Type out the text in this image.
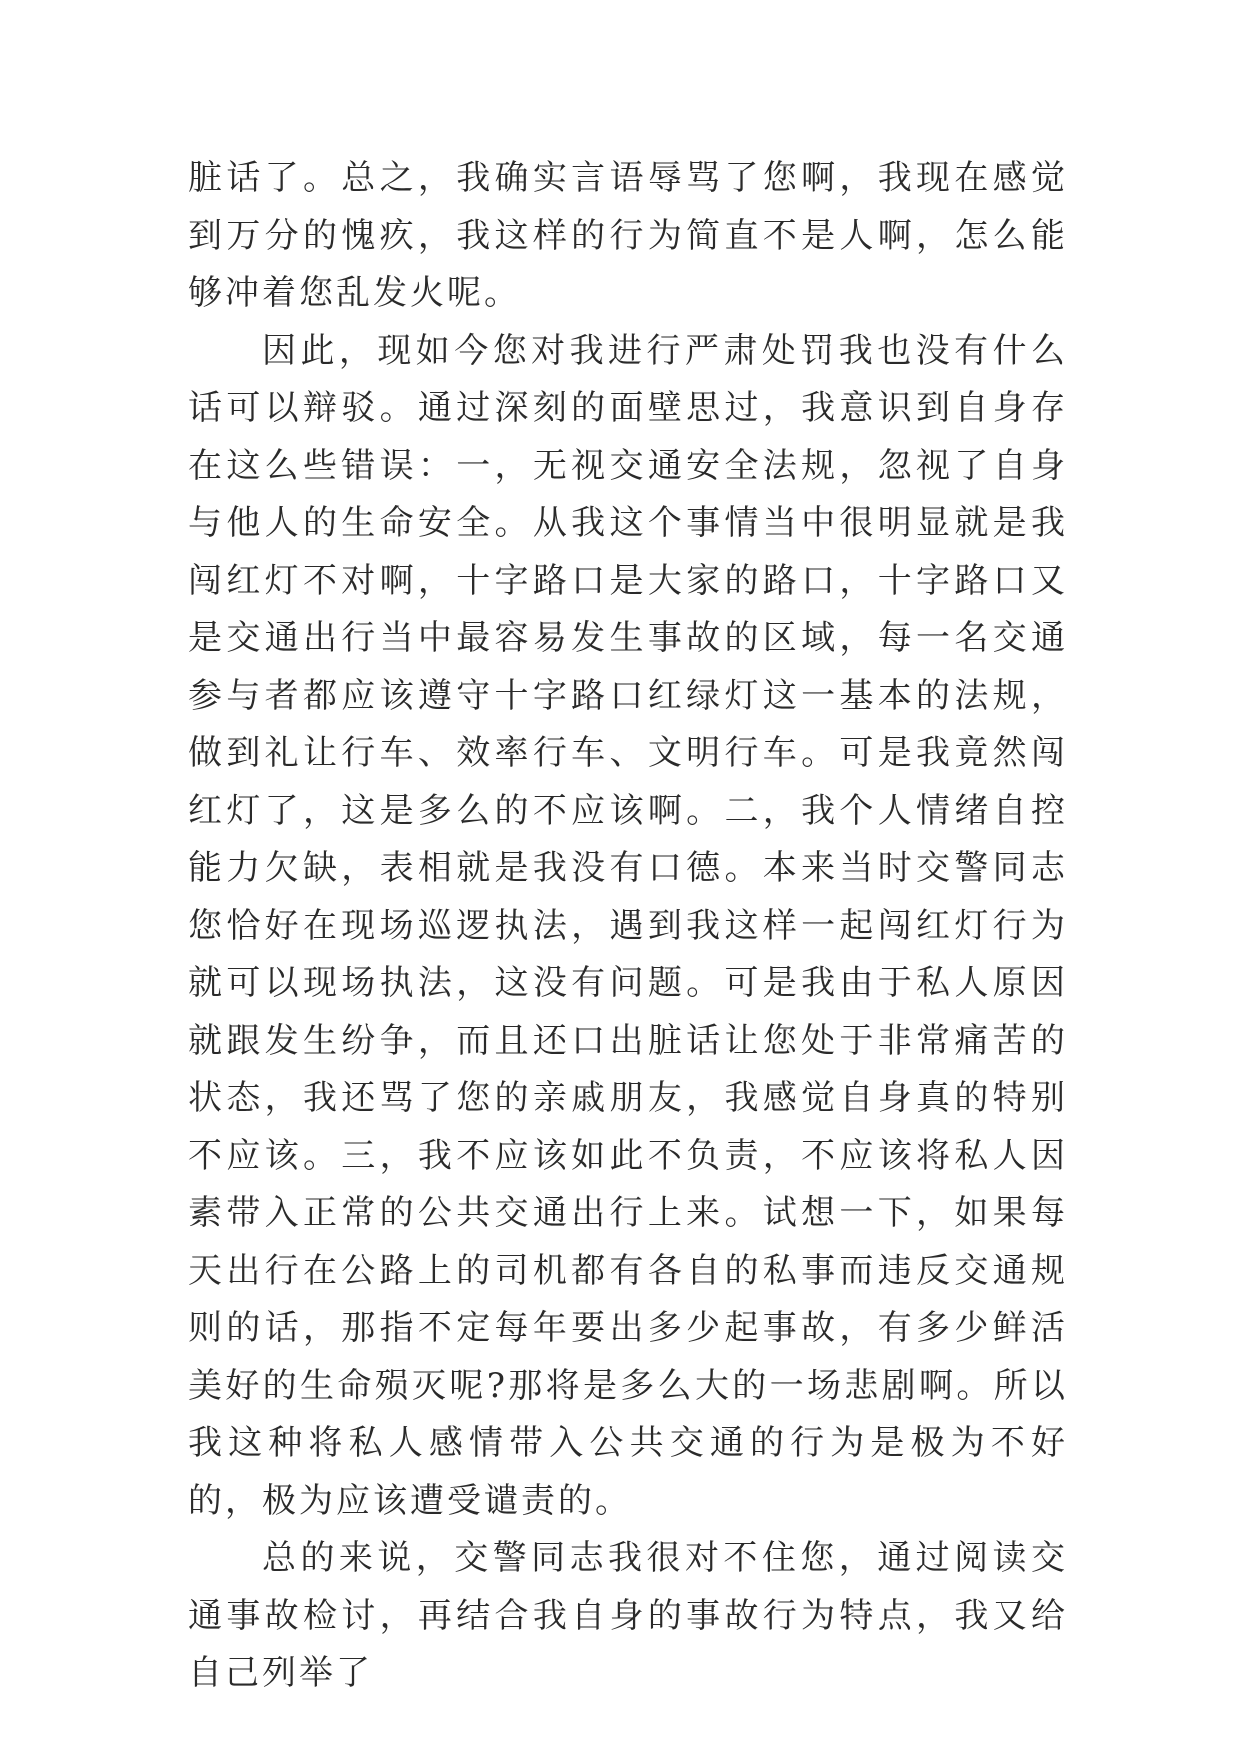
脏话了。总之，我确实言语辱骂了您啊，我现在感觉到万分的愧疚，我这样的行为简直不是人啊，怎么能够冲着您乱发火呢。

因此，现如今您对我进行严肃处罚我也没有什么话可以辩驳。通过深刻的面壁思过，我意识到自身存在这么些错误：一，无视交通安全法规，忽视了自身与他人的生命安全。从我这个事情当中很明显就是我闯红灯不对啊，十字路口是大家的路口，十字路口又是交通出行当中最容易发生事故的区域，每一名交通参与者都应该遵守十字路口红绿灯这一基本的法规，做到礼让行车、效率行车、文明行车。可是我竟然闯红灯了，这是多么的不应该啊。二，我个人情绪自控能力欠缺，表相就是我没有口德。本来当时交警同志您恰好在现场巡逻执法，遇到我这样一起闯红灯行为就可以现场执法，这没有问题。可是我由于私人原因就跟发生纷争，而且还口出脏话让您处于非常痛苦的状态，我还骂了您的亲戚朋友，我感觉自身真的特别不应该。三，我不应该如此不负责，不应该将私人因素带入正常的公共交通出行上来。试想一下，如果每天出行在公路上的司机都有各自的私事而违反交通规则的话，那指不定每年要出多少起事故，有多少鲜活美好的生命殒灭呢?那将是多么大的一场悲剧啊。所以我这种将私人感情带入公共交通的行为是极为不好的，极为应该遭受谴责的。

总的来说，交警同志我很对不住您，通过阅读交通事故检讨，再结合我自身的事故行为特点，我又给自己列举了
